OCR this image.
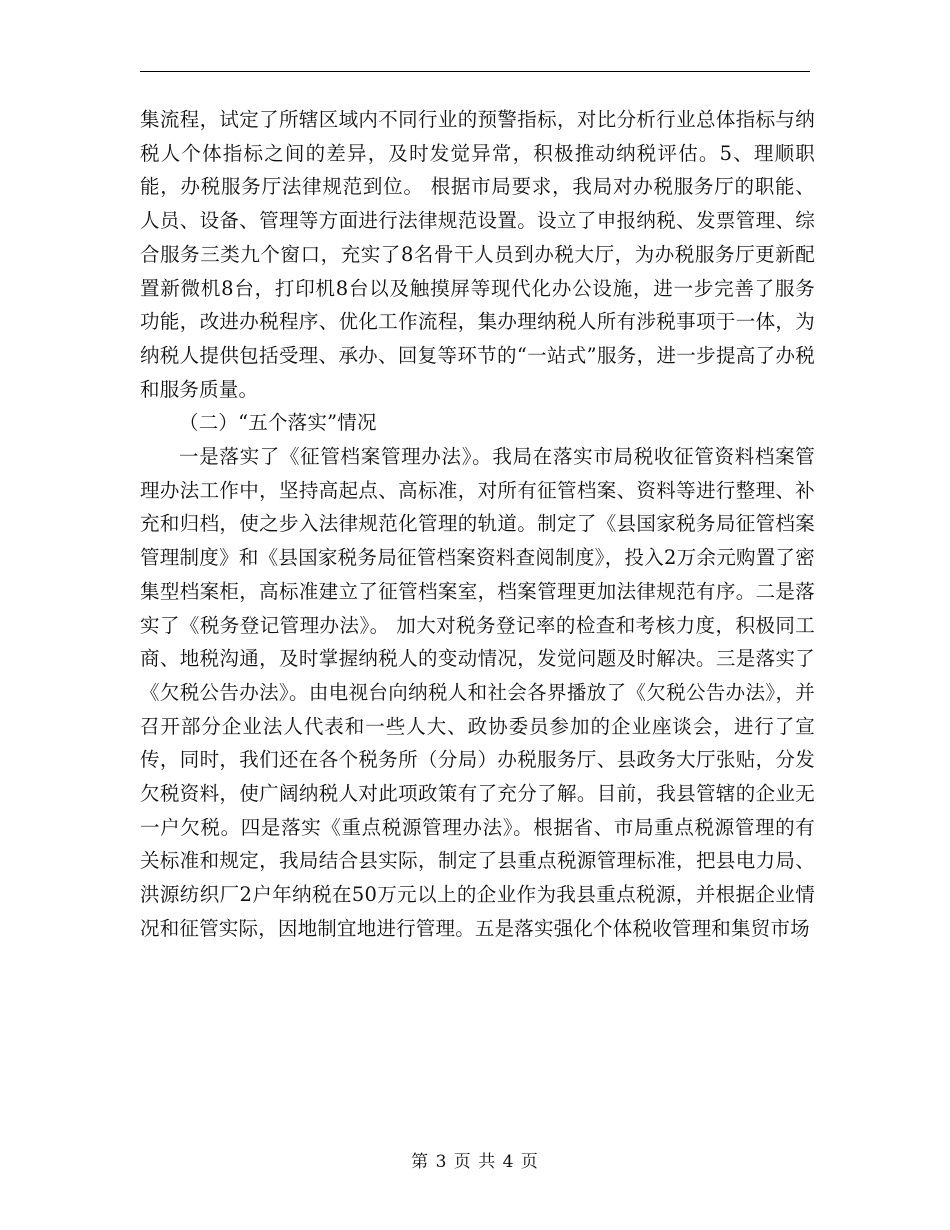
集流程，试定了所辖区域内不同行业的预警指标，对比分析行业总体指标与纳税人个体指标之间的差异，及时发觉异常，积极推动纳税评估。5、理顺职能，办税服务厅法律规范到位。 根据市局要求，我局对办税服务厅的职能、人员、设备、管理等方面进行法律规范设置。设立了申报纳税、发票管理、综合服务三类九个窗口，充实了8名骨干人员到办税大厅，为办税服务厅更新配置新微机8台，打印机8台以及触摸屏等现代化办公设施，进一步完善了服务功能，改进办税程序、优化工作流程，集办理纳税人所有涉税事项于一体，为纳税人提供包括受理、承办、回复等环节的“一站式”服务，进一步提高了办税和服务质量。

（二）“五个落实”情况

一是落实了《征管档案管理办法》。我局在落实市局税收征管资料档案管理办法工作中，坚持高起点、高标准，对所有征管档案、资料等进行整理、补充和归档，使之步入法律规范化管理的轨道。制定了《县国家税务局征管档案管理制度》和《县国家税务局征管档案资料查阅制度》，投入2万余元购置了密集型档案柜，高标准建立了征管档案室，档案管理更加法律规范有序。二是落实了《税务登记管理办法》。 加大对税务登记率的检查和考核力度，积极同工商、地税沟通，及时掌握纳税人的变动情况，发觉问题及时解决。三是落实了《欠税公告办法》。由电视台向纳税人和社会各界播放了《欠税公告办法》，并召开部分企业法人代表和一些人大、政协委员参加的企业座谈会，进行了宣传，同时，我们还在各个税务所（分局）办税服务厅、县政务大厅张贴，分发欠税资料，使广阔纳税人对此项政策有了充分了解。目前，我县管辖的企业无一户欠税。四是落实《重点税源管理办法》。根据省、市局重点税源管理的有关标准和规定，我局结合县实际，制定了县重点税源管理标准，把县电力局、洪源纺织厂2户年纳税在50万元以上的企业作为我县重点税源，并根据企业情况和征管实际，因地制宜地进行管理。五是落实强化个体税收管理和集贸市场

第 3 页 共 4 页
